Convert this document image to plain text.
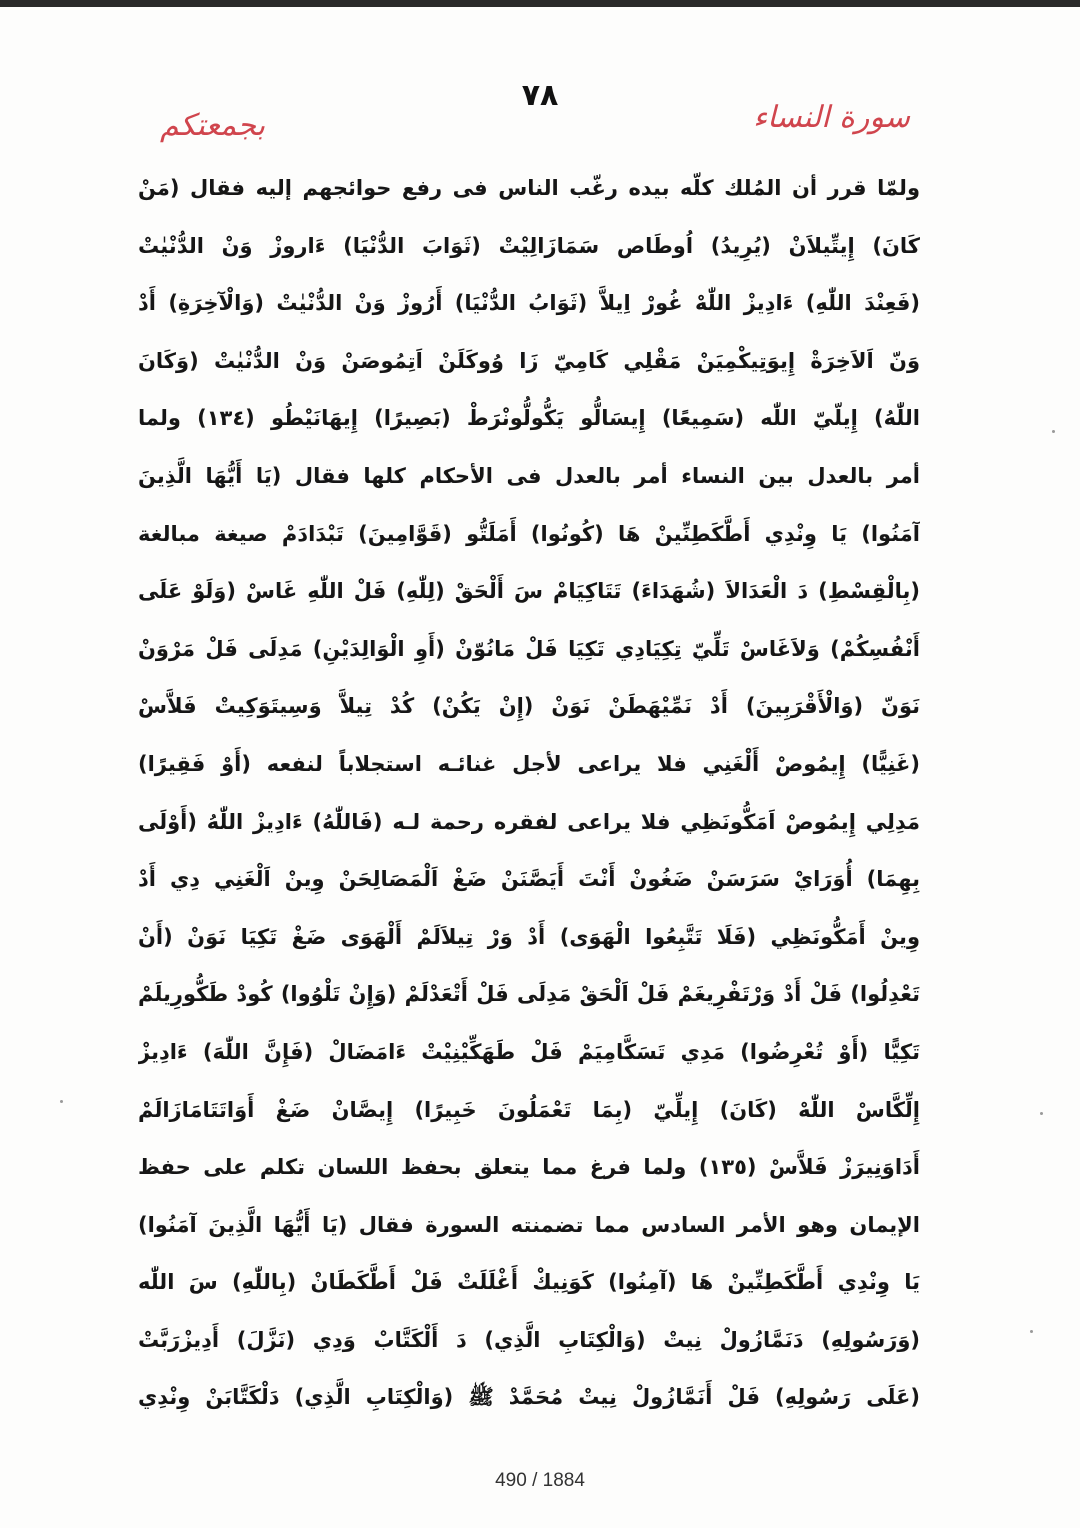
٧٨
سورة النساء
بجمعتكم
ولمّا قرر أن المُلك كلّه بيده رغّب الناس فى رفع حوائجهم إليه فقال (مَنْ
كَانَ) إِيتِّيلاَنْ (يُرِيدُ) اُوطَاص سَمَازَالِيْتْ (ثَوَابَ الدُّنْيَا) ءَاروزْ وَنْ الدُّنْيٰتْ
(فَعِنْدَ اللّٰهِ) ءَادِيزْ اللّٰهْ غُورْ اِيلاَّ (ثَوَابُ الدُّنْيَا) أَرُوزْ وَنْ الدُّنْيٰتْ (وَالْآخِرَةِ) أَدْ
وَنّ اَلاَخِرَةْ إِيوَتِيكْمِيَنْ مَقْلِي كَامِيّ زَا وُوكَلَنْ اَتِمُوصَنْ وَنْ الدُّنْيٰتْ (وَكَانَ
اللّٰهُ) إِيلّيّ اللّٰه (سَمِيعًا) إِيسَالُّو يَكُّولُّونْرَطْ (بَصِيرًا) إِيهَانَيْطُو (١٣٤) ولما
أمر بالعدل بين النساء أمر بالعدل فى الأحكام كلها فقال (يَا أَيُّهَا الَّذِينَ
آمَنُوا) يَا وِنْدِي أَطَّكَطِنِّينْ هَا (كُونُوا) أَمَلَتُّو (قَوَّامِينَ) تَبْدَادَمْ صيغة مبالغة
(بِالْقِسْطِ) دَ الْعَدَالاَ (شُهَدَاءَ) تَتَاكِيَامْ سَ أَلْحَقْ (لِلّٰهِ) فَلْ اللّٰهِ غَاسْ (وَلَوْ عَلَى
أَنْفُسِكُمْ) وَلاَغَاسْ تَلِّيّ تِكِيَادِي تَكِيَا فَلْ مَانُوّنْ (أَوِ الْوَالِدَيْنِ) مَدِلَى فَلْ مَرْوَنْ
نَوَنّ (وَالْأَقْرَبِينَ) أَدْ نَمِّيْهَطَنْ نَوَنْ (إِنْ يَكُنْ) كُدْ تِيلاَّ وَسِيتَوَكِيتْ فَلاَّسْ
(غَنِيًّا) إِيمُوصْ أَلْغَنِي فلا يراعى لأجل غنائـه استجلاباً لنفعه (أَوْ فَقِيرًا)
مَدِلِي إِيمُوصْ اَمَكُّونَظِي فلا يراعى لفقره رحمة لـه (فَاللّٰهُ) ءَادِيزْ اللّٰهُ (أَوْلَى
بِهِمَا) أُوَرَايْ سَرَسَنْ ضَغُونْ أَنْتَ أَيَصَّنَنْ ضَغْ اَلْمَصَالِحَنْ وِينْ اَلْغَنِي دِي أَدْ
وِينْ أَمَكُّونَظِي (فَلَا تَتَّبِعُوا الْهَوَى) أَدْ وَرْ تِيلاَلَمْ أَلْهَوَى ضَغْ تَكِيَا نَوَنْ (أَنْ
تَعْدِلُوا) فَلْ أَدْ وَرْتَفْرِيغَمْ فَلْ اَلْحَقْ مَدِلَى فَلْ أَتْعَدْلَمْ (وَإِنْ تَلْوُوا) كُودْ طَكُّورِيلَمْ
تَكِيًّا (أَوْ تُعْرِضُوا) مَدِي تَسَكَّامِيَمْ فَلْ طَهَكِّيْنِيْتْ ءَامَضَالْ (فَإِنَّ اللّٰهَ) ءَادِيزْ
إِلِّكَّاسْ اللّٰهْ (كَانَ) إِيلِّيّ (بِمَا تَعْمَلُونَ خَبِيرًا) إِيصَّانْ ضَغْ أَوَاتَتَامَازَالَمْ
أَدَاوَنِيرَزْ فَلاَّسْ (١٣٥) ولما فرغ مما يتعلق بحفظ اللسان تكلم على حفظ
الإيمان وهو الأمر السادس مما تضمنته السورة فقال (يَا أَيُّهَا الَّذِينَ آمَنُوا)
يَا وِنْدِي أَطَّكَطِنِّينْ هَا (آمِنُوا) كَوَنِيكْ أَغْلَلَتْ فَلْ أَطَّكَطَانْ (بِاللّٰهِ) سَ اللّٰه
(وَرَسُولِهِ) دَنَمَّازُولْ نِيتْ (وَالْكِتَابِ الَّذِي) دَ أَلْكَتَّابْ وَدِي (نَزَّلَ) أَدِيزْرَبَّتْ
(عَلَى رَسُولِهِ) فَلْ أَنَمَّازُولْ نِيتْ مُحَمَّدْ ﷺ (وَالْكِتَابِ الَّذِي) دَلْكَتَّابَنْ وِنْدِي
490 / 1884
